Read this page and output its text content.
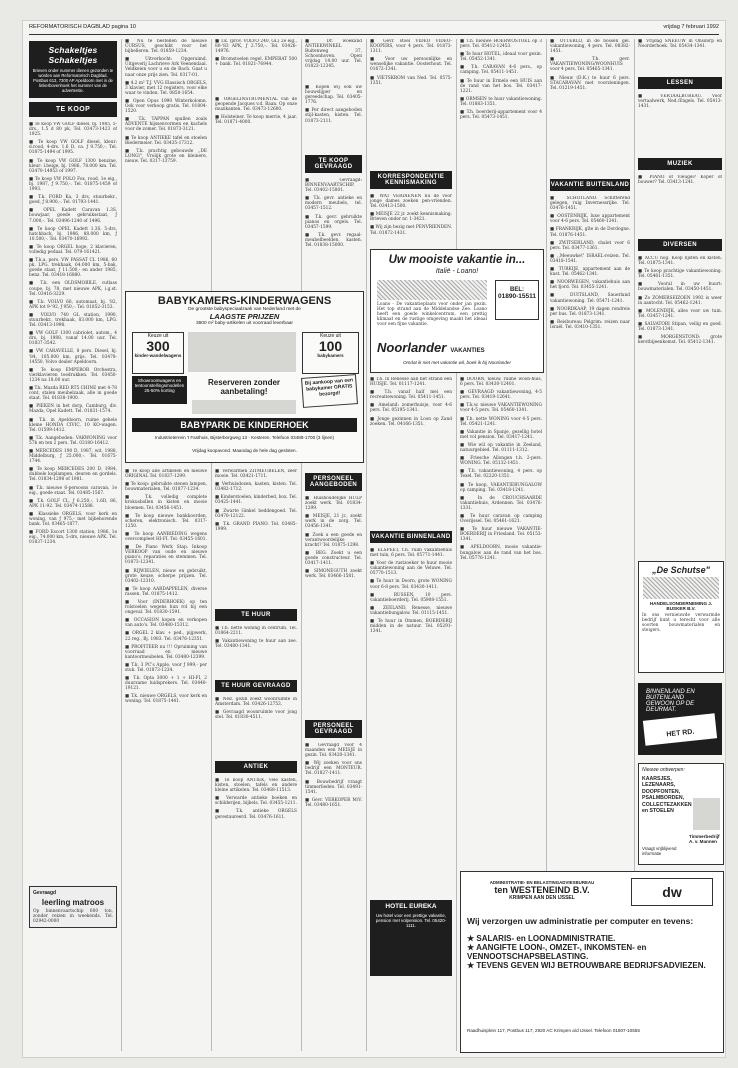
REFORMATORISCH DAGBLAD pagina 10	vrijdag 7 februari 1992
Schakeltjes Schakeltjes
Brieven onder nummer dienen gezonden te worden aan Reformatorisch Dagblad, Postbus 613, 7300 AP Apeldoorn met in de linkerbovenhoek het nummer van de advertentie.
TE KOOP

■ Te koop VW GOLF diesel, bj. 1985, 5-drs., 1.5 d 80 pk, Tel. 03473-1423 of 1925.

■ Te koop VW GOLF diesel, kleur: d.rood, 4-drs. 1.6 D, ca. ƒ 9.750,-. Tel. 01875-1494 of 1995.

■ Te koop VW GOLF 1300 benzine, kleur: l.beige, bj. 1986, 78.000 km. Tel. 03470-14953 of 1997.

■ Te koop VW POLO Fox, rood, 1e eig., bj. 1987, ƒ 9.750,-. Tel. 01875-1459 of 1993.

■ T.k. FORD Ka, 3 drs, stuurbekr., goed, ƒ 8.900,-. Tel. 01793-1441.

■ OPEL Kadett Caravan 1.3S, bouwjaar, goede gebruiksstaat, ƒ 7.000,-. Tel. 03496-1240 of 1496.

■ Te koop OPEL Kadett 1.3S, 5-drs, hatchback, bj. 1986, 88.000 km, ƒ 10.500,-. Tel. 03470-16992.

■ Te koop ORGEL hoge, 2 klavieren, volledig pedaal. Tel. 079-161421.

■ T.k.a. pers. VW PASSAT CL 1986, 60 pk, LPG, trekhaak, 64.000 km, 5-bak, goede staat, ƒ 11.500,- en ander 1985, benz. Tel. 03418-16880.

■ T.k. een OLDSMOBILE, cutlass coupe, bj. 78, met nieuwe APK, i.g.st. Tel. 03416-3229.

■ T.k. VOLVO 66, automaat, bj. '82, APK tot 9-'92, ƒ 950,-. Tel. 01852-3153.

■ VOLVO 740 GL station, 1990, stuurbekr., trekhaak, 83.000 km, LPG. Tel. 03413-1998.

■ VW GOLF 1300 cabriolet, autom., 4 drs, bj. 1988, vanaf 14.00 uur. Tel. 01837-3542.

■ VW CARAVELLE, 8 pers. Diesel, bj. '84, 105.000 km, grijs. Tel. 03478-14550, Volvo dealer Apeldoorn.

■ Te koop EMPEROR Orchestra, vierklavieren toedrukken. Tel. 03450-1234 na 18.00 uur.

■ T.k. Mazda RED RT5 CHINE met 4-78 cont, stalen meubelzaak, alle in goede staat. Tel. 01838-1900.

■ PIEKEN in het dorp, Camburg, div. Mazda, Opel Kadett. Tel. 01831-1574.

■ T.k. in Apeldoorn, ruime gehele kleine HONDA CIVIC, 10 KO-wagen. Tel. 01599-1412.

■ T.k. Aangeboden: VAKWONING voor 57b en ten 2 pers. Tel. 03180-16412.

■ MERCEDES 190 D, 1987, wit, 1988, Middelburg, ƒ 25.000,-. Tel. 01675-1744.

■ Te koop MERCEDES 200 D, 1984, dubbele koplampen, deuren en gordels. Tel. 01834-1298 of 1981.

■ T.k. nieuwe 6-persoons caravan, 1e eig., goede staat. Tel. 03485-1567.

■ T.k. GOLF CL, ƒ 6.250,-, 1.6D, 86, APK 11-92. Tel. 03474-13588.

■ Klassieke ORGELS, voor kerk en woning, van ƒ 975,- met bijbehorende bank. Tel. 03465-1877.

■ FORD Escort 1300 station, 1986, 1e eig., 74.000 km, 5-drs, nieuwe APK. Tel. 01837-1234.

Gevraagd
leerling matroos
Op binnenvaartschip 600 ton, zonder reizen in weekends. Tel. 02942-0000

■ Nu te bestellen de nieuwe CURSUS, geschikt voor het bijbelleren. Tel. 01859-1234.

■ Uitverkocht: Opgeruimd. Uitgeverij Lachrieve Ark Veenendaal. Veldkeien voor u en de Bach. Gaat u naar onze prijs zien. Tel. 0317-01.

■ 4.2 m² T.J. VVG Elassisch ORGELS, 3 klavier, met 12 registers, voor elke waar te vinden. Tel. 0850-1654.

■ Open Opus 1990 Winterkolomn. Ook voor verkoop gratis. Tel. 01804-1520.

■ T.k. TAPPAN spullen zoals ADVENTE hijssenvormen en kachels voor de zomer. Tel. 01873-3121.

■ Te koop ANTIEKE tafel en stoelen Biedermeier. Tel. 03435-17312.

■ T.k. prachtig gebouwde ,,DE LONG\", Vrolijk grote en kleinere, nieuw. Tel. 0317-13759.

■ T.k. (prov. VOLVO 240, GL) 2e eig., 80-'83 APK, ƒ 2.750,-. Tel. 03426-14976.

■ Bromstoelen regel. EMPERAT 500 + bank. Tel. 01821-76944.

■ ORGELINSTRUMENTAL van de geopende Jacques v.d. Baan. Op onze muzikanten. Tel. 03473-12600.

■ Holsteiner. Te koop merrie, 4 jaar. Tel. 01871-4000.

■ Dr. woekand ANTIEKWINKEL Buitenweg 37, Schoonhoven. Open vrijdag 14.00 uur. Tel. 01823-12345.

■ Kopen wij ook uw bouwslijper en gereedschap. Tel. 03405-1776.

■ Per direct aangeboden stijl-kasten, kisten. Tel. 01873-2111.

TE KOOP GEVRAAGD

■ Gevraagd: BINNENVAARTSCHIP. Tel. 03402-15801.

■ T.k. gevr. antieke en modern meubels, tel. 03457-1512.

■ T.k. gevr. gebruikte pianos en orgels. Tel. 03457-1599.

■ T.k. gevr. regaal-meubelbeelden, kasten. Tel. 01838-15000.

BABYKAMERS-KINDERWAGENS
De grootste babyspeciaalzaak van Nederland met de
LAAGSTE PRIJZEN
3600 m² baby-artikelen uit voorraad leverbaar
Keuze uit
300
kinder-wandelwagens
Keuze uit
100
babykamers
Showroomwagens en tentoonstellingsmodellen 25-50% korting
Reserveren zonder aanbetaling!
Bij aankoop van een babykamer GRATIS bezorgd!
BABYPARK DE KINDERHOEK
Industrieterrein 't Fasthuis, Bijsterborgweg 13 · Kesteren. Telefoon 03488-1700 (3 lijnen)
Vrijdag koopavond. Maandag de hele dag gesloten.

■ Te koop alle artikelen en nieuwe ORIGINAL Tel. 01837-1299.

■ Te koop: gebruikte stenen lampen, bouwmaterialen, Tel. 01877-1234.

■ T.k. volledig complete krokusbollen in kisten en mooie bloemen. Tel. 03456-1451.

■ Te koop nieuwe bankkoorden, scheren, elektronisch. Tel. 0317-1250.

■ Te koop AANBIEDING wegens overcompleet HI-FI. Tel. 03455-1601.

■ De Piano Werk Stap. Inkoop VERKOOP van oude en nieuwe piano's, reparaties en stemmen. Tel. 01873-12341.

■ RIJWIELEN, nieuw en gebruikt, grote keuze, scherpe prijzen. Tel. 03402-12310.

■ Te koop AARDAPPELEN, diverse rassen. Tel. 01875-1412.

■ Voor (INDERHOEK) op ten rolstoelen wegens hun rol bij een ongeval. Tel. 01830-1591.

■ OCCASION kopen en verkopen van auto's. Tel. 03480-15312.

■ ORGEL 2 klav. + ped., pijpwerk, 22 reg., Bj. 1983. Tel. 03476-12351.

■ PROFITEER nu !!! Opruiming van voorraad en nieuwe kantoormeubelen. Tel. 03480-12399.

■ T.k. 3 PC's Apple, voor ƒ 999,- per stuk. Tel. 01873-1234.

■ T.k. Opta 3000 + 1 + HI-FI, 2 duurzame luidsprekers. Tel. 03440-19121.

■ T.k. nieuwe ORGELS, voor kerk en woning. Tel. 01875-1441.

■ Verwarmen ZITMEUBELEN, zeer mooie. Tel. 03421-1711.

■ Verhuisdozen, kasten, kisten. Tel. 03482-1712.

■ Kinderstoelen, kinderbed, box. Tel. 03425-1441.

■ Zwarte Ginkel beddengoed. Tel. 03470-12122.

■ T.k. GRAND PIANO. Tel. 03485-1999.

TE HUUR

■ T.h. nette woning in centrum. Tel. 01864-2211.

■ Vakantiewoning te huur aan zee. Tel. 03480-1341.

TE HUUR GEVRAAGD

■ Ned. gezin zoekt woonruimte in Amsterdam. Tel. 03426-12753.

■ Gevraagd woonruimte voor jong stel. Tel. 01830-4511.

ANTIEK

■ Te koop ANTIEK, vele kasten, kisten, stoelen, tafels en andere kleine artikelen. Tel. 03468-11513.

■ Verwarde antieke boeken en schilderijen, bijbels. Tel. 03455-1211.

■ T.k. antieke ORGELS gerestaureerd. Tel. 03476-1611.

PERSONEEL AANGEBODEN

■ Huishoudelijke HULP zoekt werk. Tel. 01834-1299.

■ MEISJE, 21 jr., zoekt werk in de zorg. Tel. 03456-1341.

■ Zoek u een goede en verantwoordelijke kracht? Tel. 01875-1298.

■ BEG. Zoekt u een goede constructeur. Tel. 03417-1411.

■ SIMONEGUTH zoekt werk. Tel. 03466-1581.

PERSONEEL GEVRAAGD

■ Gevraagd voor 4 maanden een MEISJE in gezin. Tel. 03420-1341.

■ Wij zoeken voor ons bedrijf een MONTEUR. Tel. 01827-1411.

■ Bouwbedrijf vraagt timmerlieden. Tel. 03491-1541.

■ Gevr. VERKOPER M/V. Tel. 03480-1651.

■ Gevr. stoel VIDEO VIDEO-KOOPERS, voor 4 pers. Tel. 01873-1311.

■ Voor uw persoonlijke en wenselijke vakantie. Oosterhout. Tel. 01672-1341.

■ VIETSKROM van Ned. Tel. 0575-1351.

KORRESPONDENTIE KENNISMAKING

■ WAT VERDIENEN nu de voor jonge dames zoeken pen-vrienden. Tel. 03413-1500.

■ MEISJE 22 jr. zoekt kennismaking. Brieven onder nr. 1-3421.

■ Wij zijn bezig met PENVRIENDEN. Tel. 01872-1431.

■ T.h. nieuwe HOERWOSTOEL op 3 pers. Tel. 05412-12453.

■ Te huur HOTEL, ideaal voor gezin. Tel. 05452-1341.

■ T.h. CARAVAN 4-6 pers., op camping. Tel. 05411-1451.

■ Te huur in Ermelo een HUIS aan de rand van het bos. Tel. 03417-1221.

■ ORMSEN te huur vakantiewoning. Tel. 01883-1351.

■ T.h. boerderij-appartement voor 4 pers. Tel. 05473-1451.

Uw mooiste vakantie in...
Italië - Loano!
Loano - De vakantieplaats voor onder jan gezin. Het top strand aan de Middelandse Zee. Loano heeft een goede winkelcentrum, een prettig klimaat en de rustige omgeving maakt het ideaal voor een fijne vakantie.
BEL:
01890-15511
Noorlander VAKANTIES
Omdat ik niet met vakantie wil, boek ik bij Noorlander

■ T.h. in Renesse aan het strand een HUISJE. Tel. 01117-1241.

■ T.h. vanaf half mei een recreatiewoning. Tel. 05411-1451.

■ Ameland: zomerhuisje, voor 4-6 pers. Tel. 05195-1341.

■ Jonge gezinnen in Loon op Zand zoeken. Tel. 04166-1351.

VAKANTIE BINNENLAND

■ ELSPEET, t.h. ruim vakantiehuis met tuin, 6 pers. Tel. 05771-1441.

■ Voor de rustzoeker te huur mooie vakantiewoning aan de Veluwe. Tel. 05770-1513.

■ Te huur in Doorn, grote WONING voor 6-8 pers. Tel. 03430-1411.

■ RUSSEN, 10 pers. vakantieboerderij. Tel. 05908-1551.

■ ZEELAND, Renesse, nieuwe vakantiebungalow. Tel. 01115-1451.

■ Te huur in Ommen, BOERDERIJ midden in de natuur. Tel. 05291-1341.

HOTEL EUREKA
Uw hotel voor een prettige vakantie, pension met volpension. Tel. 05420-1111.

■ DOORN, nieuw, ruime woon-huis, 6 pers. Tel. 03430-12401.

■ GEVRAAGD vakantiewoning, 4-5 pers. Tel. 03419-12641.

■ T.k.w. nieuwe VAKANTIEWONING voor 4-5 pers. Tel. 05460-1341.

■ T.h. nette WONING voor 4-5 pers. Tel. 05421-1241.

■ Vakantie in Spanje, gezellig hotel met vol pension. Tel. 03417-1241.

■ Wie wil op vakantie in Zeeland, natuurgebied. Tel. 01111-1312.

■ Friesche Allongen t.h. 2-pers. WONING. Tel. 05132-1451.

■ T.h. vakantiewoning, 4 pers. op Texel. Tel. 02220-1351.

■ Te koop, VAKANTIEBUNGALOW op camping. Tel. 03418-1241.

■ In de CROUCHSAARDE vakantiehuis, Ardennen. Tel. 03476-1331.

■ Te huur caravan op camping Overijssel. Tel. 05461-1621.

■ Te huur nieuwe VAKANTIE-BOERDERIJ in Friesland. Tel. 05153-1341.

■ APELDOORN, mooie vakantie-bungalow aan de rand van het bos. Tel. 05776-1241.

■ OTTERLO, in de bossen gel. vakantiewoning, 4 pers. Tel. 08382-1451.

■ T.h. gevr. VAKANTIEWONING/WOONHUIS voor 4 pers. Tel. 05465-1341.

■ Nieuw (D.K.) te huur 6 pers. STACARAVAN met voorzieningen. Tel. 01219-1451.

VAKANTIE BUITENLAND

■ SCHOTLAND. Schitterend gelegen, ruig Invernessrijke. Tel. 03476-1451.

■ OOSTENRIJK, luxe appartement voor 4-6 pers. Tel. 05460-1341.

■ FRANKRIJK, gîte in de Dordogne. Tel. 01876-1451.

■ ZWITSERLAND, chalet voor 6 pers. Tel. 03477-1361.

■ ,,Meeuwke\" ISRAEL-reizen. Tel. 03418-1541.

■ TURKIJE, appartement aan de kust. Tel. 05462-1341.

■ NOORWEGEN, vakantiehuis aan het fjord. Tel. 03455-1241.

■ DUITSLAND, Sauerland vakantiewoning. Tel. 05471-1241.

■ NOORDKAAP, 19 dagen rondreis per bus. Tel. 01873-1341.

■ Reisbureau Pelgrim: reizen naar Israël. Tel. 03410-1351.

■ Vrijdag SNEEUW in Onsdorp en Noorderhoek. Tel. 05434-1341.

LESSEN

■ VERTAALBUREAU. Voor vertaalwerk, Ned./Engels. Tel. 05413-1431.

MUZIEK

■ PIANO of Vleugel? Koper of bouwer? Tel. 03413-1241.

DIVERSEN

■ ACCU nog. Koop lijsten en kisten. Tel. 01875-1341.

■ Te koop prachtige vakantiewoning. Tel. 05461-1351.

■ Vooral in uw buurt: bouwmaterialen. Tel. 03450-1451.

■ Zo ZOMERSEIZOEN 1992 is weer in aantocht. Tel. 05462-1241.

■ MOLENDIJK, alles voor uw tuin. Tel. 03457-1241.

■ SALVATORI Stipan, veilig en goed. Tel. 01873-1341.

■ MORGENSTOND: grote kerstbijeenkomst. Tel. 05412-1341.

„De Schutse"
HANDELSONDERNEMING J. BUSKER B.V.
In ons vernieuwde verwarmde bedrijf kunt u terecht voor alle soorten bouwmaterialen en steigers.
BINNENLAND EN
BUITENLAND
GEWOON OP DE DEURMAT.
HET RD.
Nieuwe ontwerpen:
KAARSJES, LEZENAARS, DOOPFONTEN, PSALMBORDEN, COLLECTEZAKKEN en STOELEN
Vraagt vrijblijvend informatie
Timmerbedrijf A. v. Mannen
ADMINISTRATIE- EN BELASTINGADVIESBUREAU
ten WESTENEIND B.V.
KRIMPEN AAN DEN IJSSEL	dw
Wij verzorgen uw administratie per computer en tevens:
★ SALARIS- en LOONADMINISTRATIE.
★ AANGIFTE LOON-, OMZET-, INKOMSTEN- en VENNOOTSCHAPSBELASTING.
★ TEVENS GEVEN WIJ BETROUWBARE BEDRIJFSADVIEZEN.
Raadhuisplein 117, Postbus 117, 2920 AC Krimpen a/d IJssel. Telefoon 01807-10555
